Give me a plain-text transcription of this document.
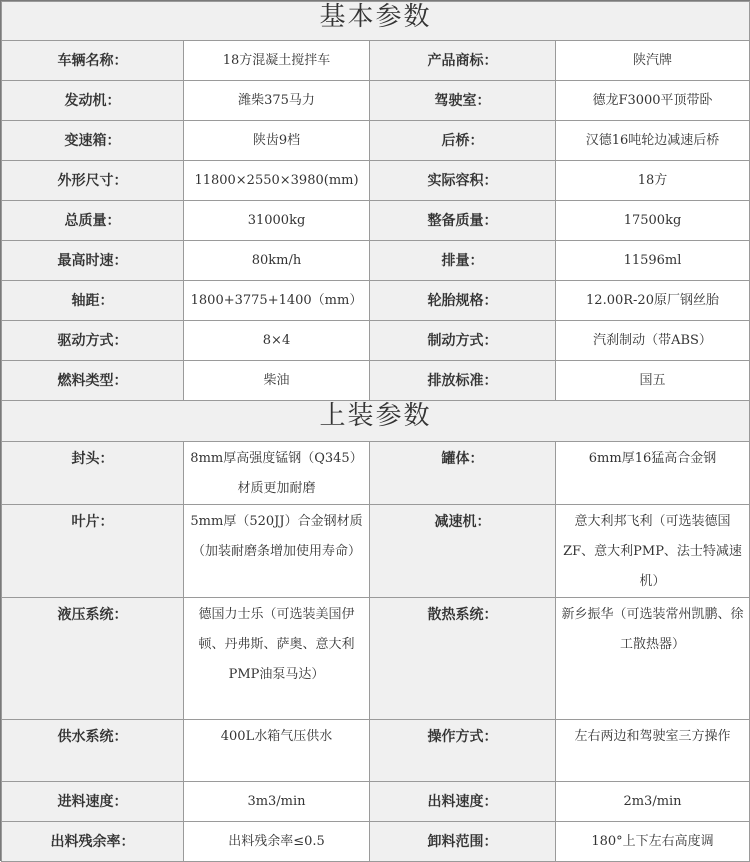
基本参数			
车辆名称：	18方混凝土搅拌车	产品商标：	陕汽牌
发动机：	潍柴375马力	驾驶室：	德龙F3000平顶带卧
变速箱：	陕齿9档	后桥：	汉德16吨轮边减速后桥
外形尺寸：	11800×2550×3980(mm)	实际容积：	18方
总质量：	31000kg	整备质量：	17500kg
最高时速：	80km/h	排量：	11596ml
轴距：	1800+3775+1400（mm）	轮胎规格：	12.00R-20原厂钢丝胎
驱动方式：	8×4	制动方式：	汽刹制动（带ABS）
燃料类型：	柴油	排放标准：	国五
上装参数			
封头：	8mm厚高强度锰钢（Q345）材质更加耐磨	罐体：	6mm厚16猛高合金钢
叶片：	5mm厚（520JJ）合金钢材质（加装耐磨条增加使用寿命）	减速机：	意大利邦飞利（可选装德国ZF、意大利PMP、法士特减速机）
液压系统：	德国力士乐（可选装美国伊顿、丹弗斯、萨奥、意大利PMP油泵马达）	散热系统：	新乡振华（可选装常州凯鹏、徐工散热器）
供水系统：	400L水箱气压供水	操作方式：	左右两边和驾驶室三方操作
进料速度：	3m3/min	出料速度：	2m3/min
出料残余率：	出料残余率≤0.5	卸料范围：	180°上下左右高度调
